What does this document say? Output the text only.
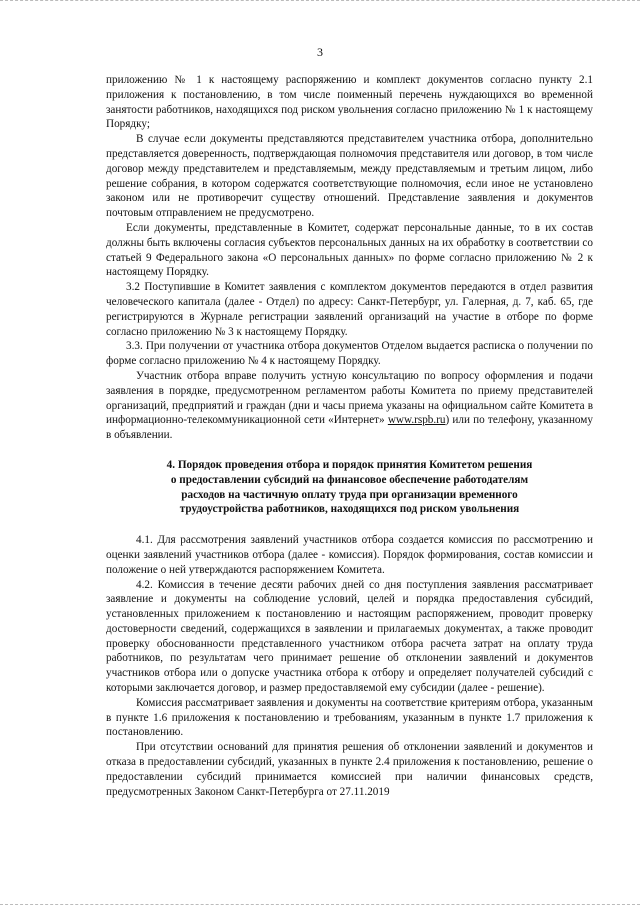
3

приложению № 1 к настоящему распоряжению и комплект документов согласно пункту 2.1 приложения к постановлению, в том числе поименный перечень нуждающихся во временной занятости работников, находящихся под риском увольнения согласно приложению № 1 к настоящему Порядку;

В случае если документы представляются представителем участника отбора, дополнительно представляется доверенность, подтверждающая полномочия представителя или договор, в том числе договор между представителем и представляемым, между представляемым и третьим лицом, либо решение собрания, в котором содержатся соответствующие полномочия, если иное не установлено законом или не противоречит существу отношений. Представление заявления и документов почтовым отправлением не предусмотрено.

Если документы, представленные в Комитет, содержат персональные данные, то в их состав должны быть включены согласия субъектов персональных данных на их обработку в соответствии со статьей 9 Федерального закона «О персональных данных» по форме согласно приложению № 2 к настоящему Порядку.

3.2 Поступившие в Комитет заявления с комплектом документов передаются в отдел развития человеческого капитала (далее - Отдел) по адресу: Санкт-Петербург, ул. Галерная, д. 7, каб. 65, где регистрируются в Журнале регистрации заявлений организаций на участие в отборе по форме согласно приложению № 3 к настоящему Порядку.

3.3. При получении от участника отбора документов Отделом выдается расписка о получении по форме согласно приложению № 4 к настоящему Порядку.

Участник отбора вправе получить устную консультацию по вопросу оформления и подачи заявления в порядке, предусмотренном регламентом работы Комитета по приему представителей организаций, предприятий и граждан (дни и часы приема указаны на официальном сайте Комитета в информационно-телекоммуникационной сети «Интернет» www.rspb.ru) или по телефону, указанному в объявлении.

4. Порядок проведения отбора и порядок принятия Комитетом решения
о предоставлении субсидий на финансовое обеспечение работодателям
расходов на частичную оплату труда при организации временного
трудоустройства работников, находящихся под риском увольнения

4.1. Для рассмотрения заявлений участников отбора создается комиссия по рассмотрению и оценки заявлений участников отбора (далее - комиссия). Порядок формирования, состав комиссии и положение о ней утверждаются распоряжением Комитета.

4.2. Комиссия в течение десяти рабочих дней со дня поступления заявления рассматривает заявление и документы на соблюдение условий, целей и порядка предоставления субсидий, установленных приложением к постановлению и настоящим распоряжением, проводит проверку достоверности сведений, содержащихся в заявлении и прилагаемых документах, а также проводит проверку обоснованности представленного участником отбора расчета затрат на оплату труда работников, по результатам чего принимает решение об отклонении заявлений и документов участников отбора или о допуске участника отбора к отбору и определяет получателей субсидий с которыми заключается договор, и размер предоставляемой ему субсидии (далее - решение).

Комиссия рассматривает заявления и документы на соответствие критериям отбора, указанным в пункте 1.6 приложения к постановлению и требованиям, указанным в пункте 1.7 приложения к постановлению.

При отсутствии оснований для принятия решения об отклонении заявлений и документов и отказа в предоставлении субсидий, указанных в пункте 2.4 приложения к постановлению, решение о предоставлении субсидий принимается комиссией при наличии финансовых средств, предусмотренных Законом Санкт-Петербурга от 27.11.2019
